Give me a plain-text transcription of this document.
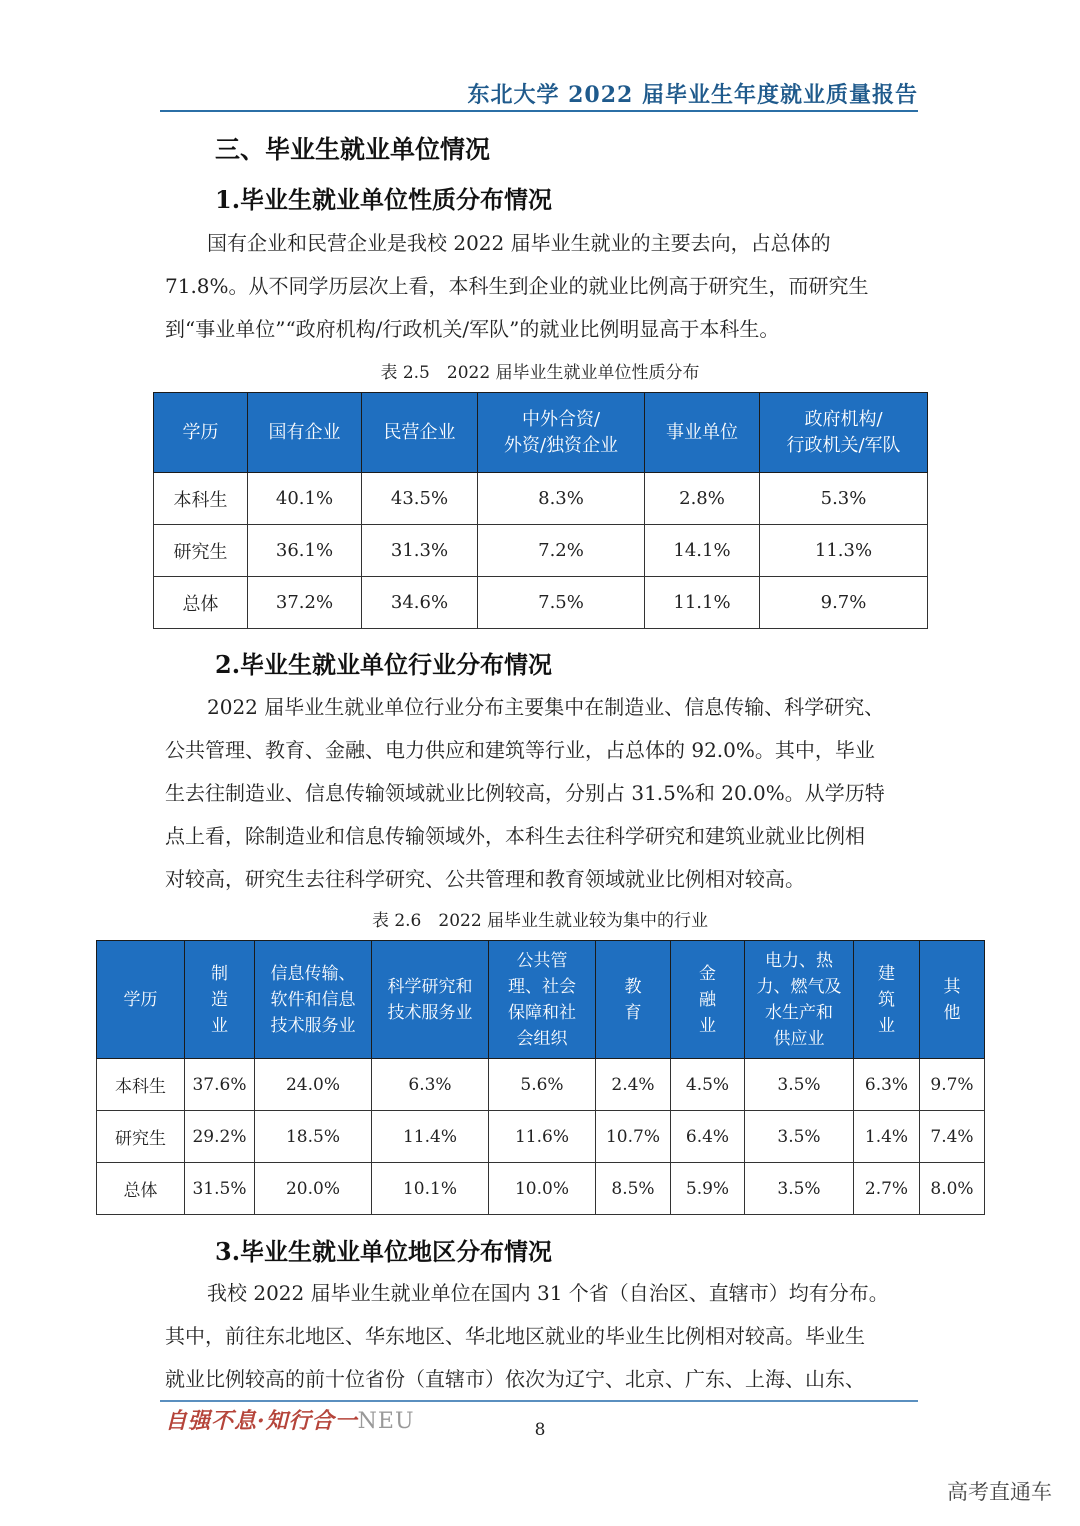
东北大学 2022 届毕业生年度就业质量报告
三、毕业生就业单位情况
1.毕业生就业单位性质分布情况

国有企业和民营企业是我校 2022 届毕业生就业的主要去向，占总体的

71.8%。从不同学历层次上看，本科生到企业的就业比例高于研究生，而研究生

到“事业单位”“政府机构/行政机关/军队”的就业比例明显高于本科生。

表 2.5　2022 届毕业生就业单位性质分布
学历	国有企业	民营企业	中外合资/
外资/独资企业	事业单位	政府机构/
行政机关/军队
本科生	40.1%	43.5%	8.3%	2.8%	5.3%
研究生	36.1%	31.3%	7.2%	14.1%	11.3%
总体	37.2%	34.6%	7.5%	11.1%	9.7%
2.毕业生就业单位行业分布情况

2022 届毕业生就业单位行业分布主要集中在制造业、信息传输、科学研究、

公共管理、教育、金融、电力供应和建筑等行业，占总体的 92.0%。其中，毕业

生去往制造业、信息传输领域就业比例较高，分别占 31.5%和 20.0%。从学历特

点上看，除制造业和信息传输领域外，本科生去往科学研究和建筑业就业比例相

对较高，研究生去往科学研究、公共管理和教育领域就业比例相对较高。

表 2.6　2022 届毕业生就业较为集中的行业
学历	制
造
业	信息传输、
软件和信息
技术服务业	科学研究和
技术服务业	公共管
理、社会
保障和社
会组织	教
育	金
融
业	电力、热
力、燃气及
水生产和
供应业	建
筑
业	其
他
本科生	37.6%	24.0%	6.3%	5.6%	2.4%	4.5%	3.5%	6.3%	9.7%
研究生	29.2%	18.5%	11.4%	11.6%	10.7%	6.4%	3.5%	1.4%	7.4%
总体	31.5%	20.0%	10.1%	10.0%	8.5%	5.9%	3.5%	2.7%	8.0%
3.毕业生就业单位地区分布情况

我校 2022 届毕业生就业单位在国内 31 个省（自治区、直辖市）均有分布。

其中，前往东北地区、华东地区、华北地区就业的毕业生比例相对较高。毕业生

就业比例较高的前十位省份（直辖市）依次为辽宁、北京、广东、上海、山东、

自强不息·知行合一NEU	8
高考直通车
